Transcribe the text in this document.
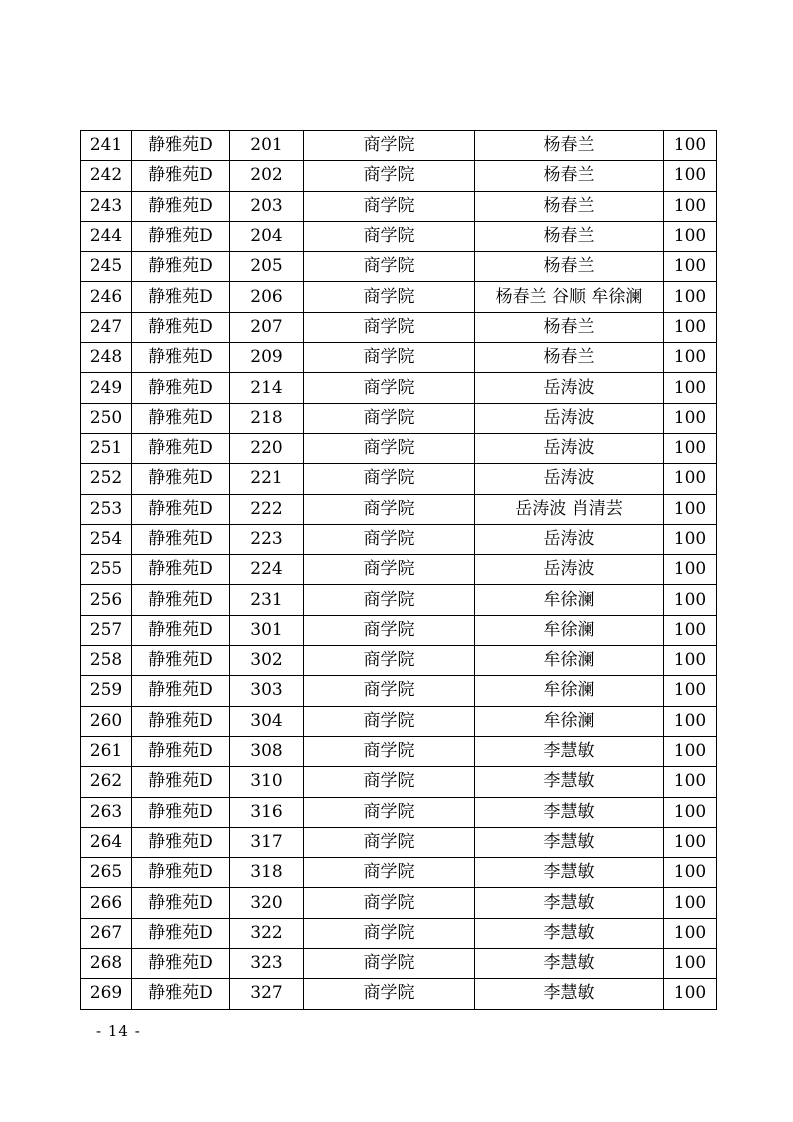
241	静雅苑D	201	商学院	杨春兰	100
242	静雅苑D	202	商学院	杨春兰	100
243	静雅苑D	203	商学院	杨春兰	100
244	静雅苑D	204	商学院	杨春兰	100
245	静雅苑D	205	商学院	杨春兰	100
246	静雅苑D	206	商学院	杨春兰 谷顺 牟徐澜	100
247	静雅苑D	207	商学院	杨春兰	100
248	静雅苑D	209	商学院	杨春兰	100
249	静雅苑D	214	商学院	岳涛波	100
250	静雅苑D	218	商学院	岳涛波	100
251	静雅苑D	220	商学院	岳涛波	100
252	静雅苑D	221	商学院	岳涛波	100
253	静雅苑D	222	商学院	岳涛波 肖清芸	100
254	静雅苑D	223	商学院	岳涛波	100
255	静雅苑D	224	商学院	岳涛波	100
256	静雅苑D	231	商学院	牟徐澜	100
257	静雅苑D	301	商学院	牟徐澜	100
258	静雅苑D	302	商学院	牟徐澜	100
259	静雅苑D	303	商学院	牟徐澜	100
260	静雅苑D	304	商学院	牟徐澜	100
261	静雅苑D	308	商学院	李慧敏	100
262	静雅苑D	310	商学院	李慧敏	100
263	静雅苑D	316	商学院	李慧敏	100
264	静雅苑D	317	商学院	李慧敏	100
265	静雅苑D	318	商学院	李慧敏	100
266	静雅苑D	320	商学院	李慧敏	100
267	静雅苑D	322	商学院	李慧敏	100
268	静雅苑D	323	商学院	李慧敏	100
269	静雅苑D	327	商学院	李慧敏	100
- 14 -
